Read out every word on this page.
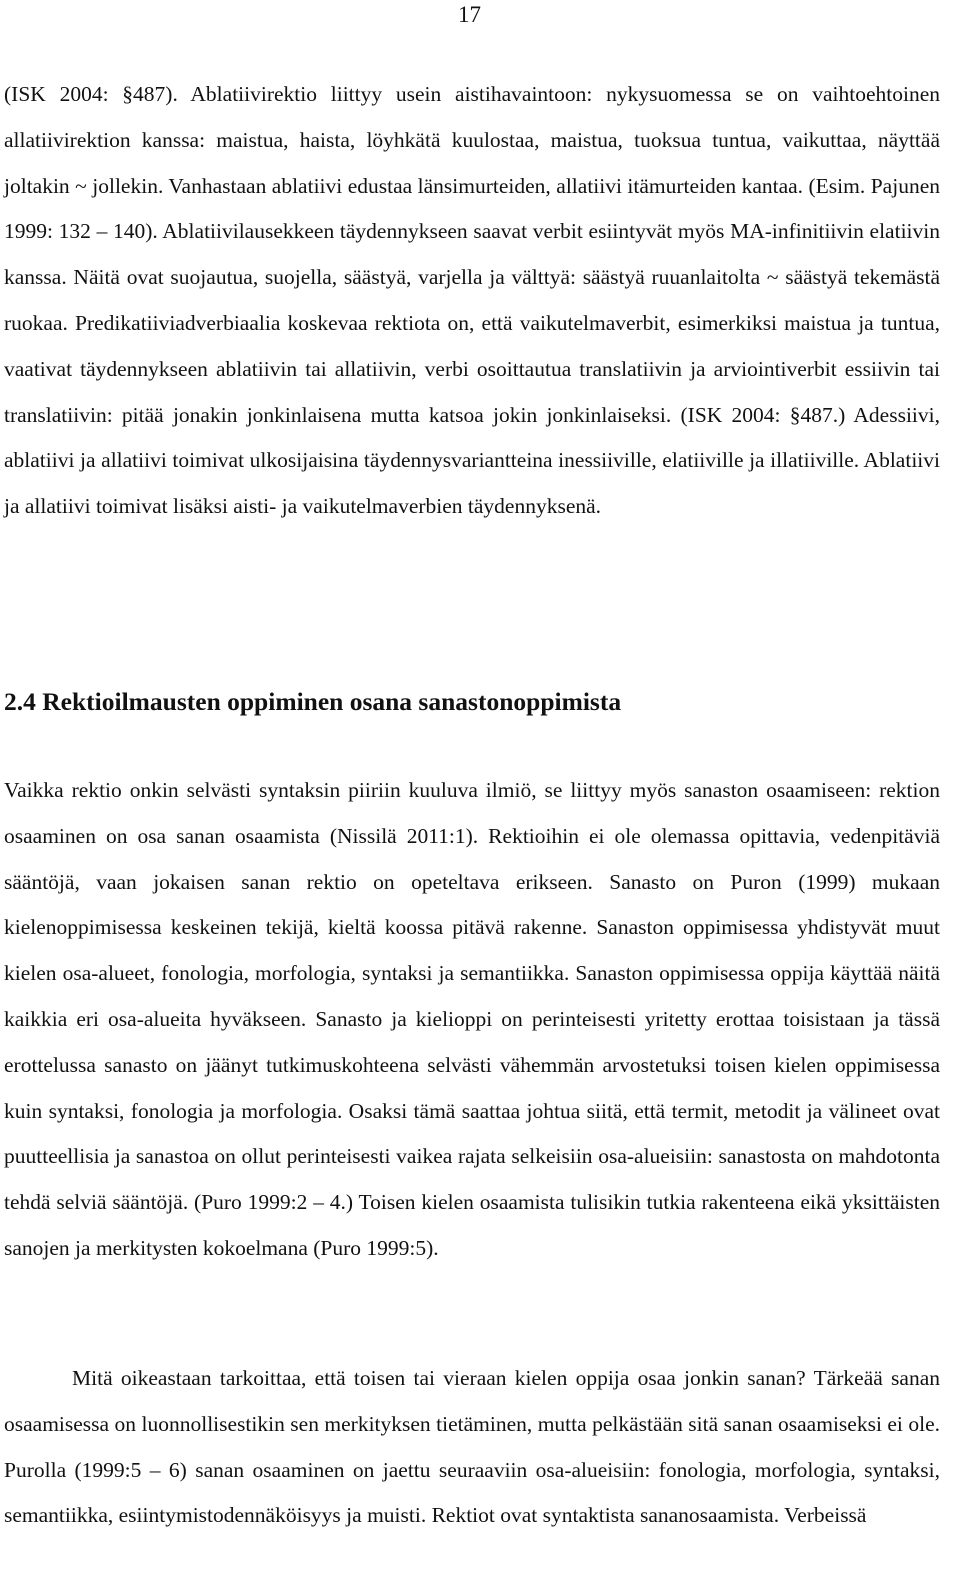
17

(ISK 2004: §487). Ablatiivirektio liittyy usein aistihavaintoon: nykysuomessa se on vaihtoehtoinen allatiivirektion kanssa: maistua, haista, löyhkätä kuulostaa, maistua, tuoksua tuntua, vaikuttaa, näyttää joltakin ~ jollekin. Vanhastaan ablatiivi edustaa länsimurteiden, allatiivi itämurteiden kantaa. (Esim. Pajunen 1999: 132 – 140). Ablatiivilausekkeen täydennykseen saavat verbit esiintyvät myös MA-infinitiivin elatiivin kanssa. Näitä ovat suojautua, suojella, säästyä, varjella ja välttyä: säästyä ruuanlaitolta ~ säästyä tekemästä ruokaa. Predikatiiviadverbiaalia koskevaa rektiota on, että vaikutelmaverbit, esimerkiksi maistua ja tuntua, vaativat täydennykseen ablatiivin tai allatiivin, verbi osoittautua translatiivin ja arviointiverbit essiivin tai translatiivin: pitää jonakin jonkinlaisena mutta katsoa jokin jonkinlaiseksi. (ISK 2004: §487.) Adessiivi, ablatiivi ja allatiivi toimivat ulkosijaisina täydennysvariantteina inessiiville, elatiiville ja illatiiville. Ablatiivi ja allatiivi toimivat lisäksi aisti- ja vaikutelmaverbien täydennyksenä.

2.4 Rektioilmausten oppiminen osana sanastonoppimista

Vaikka rektio onkin selvästi syntaksin piiriin kuuluva ilmiö, se liittyy myös sanaston osaamiseen: rektion osaaminen on osa sanan osaamista (Nissilä 2011:1). Rektioihin ei ole olemassa opittavia, vedenpitäviä sääntöjä, vaan jokaisen sanan rektio on opeteltava erikseen. Sanasto on Puron (1999) mukaan kielenoppimisessa keskeinen tekijä, kieltä koossa pitävä rakenne. Sanaston oppimisessa yhdistyvät muut kielen osa-alueet, fonologia, morfologia, syntaksi ja semantiikka. Sanaston oppimisessa oppija käyttää näitä kaikkia eri osa-alueita hyväkseen. Sanasto ja kielioppi on perinteisesti yritetty erottaa toisistaan ja tässä erottelussa sanasto on jäänyt tutkimuskohteena selvästi vähemmän arvostetuksi toisen kielen oppimisessa kuin syntaksi, fonologia ja morfologia. Osaksi tämä saattaa johtua siitä, että termit, metodit ja välineet ovat puutteellisia ja sanastoa on ollut perinteisesti vaikea rajata selkeisiin osa-alueisiin: sanastosta on mahdotonta tehdä selviä sääntöjä. (Puro 1999:2 – 4.) Toisen kielen osaamista tulisikin tutkia rakenteena eikä yksittäisten sanojen ja merkitysten kokoelmana (Puro 1999:5).

Mitä oikeastaan tarkoittaa, että toisen tai vieraan kielen oppija osaa jonkin sanan? Tärkeää sanan osaamisessa on luonnollisestikin sen merkityksen tietäminen, mutta pelkästään sitä sanan osaamiseksi ei ole. Purolla (1999:5 – 6) sanan osaaminen on jaettu seuraaviin osa-alueisiin: fonologia, morfologia, syntaksi, semantiikka, esiintymistodennäköisyys ja muisti. Rektiot ovat syntaktista sananosaamista. Verbeissä
